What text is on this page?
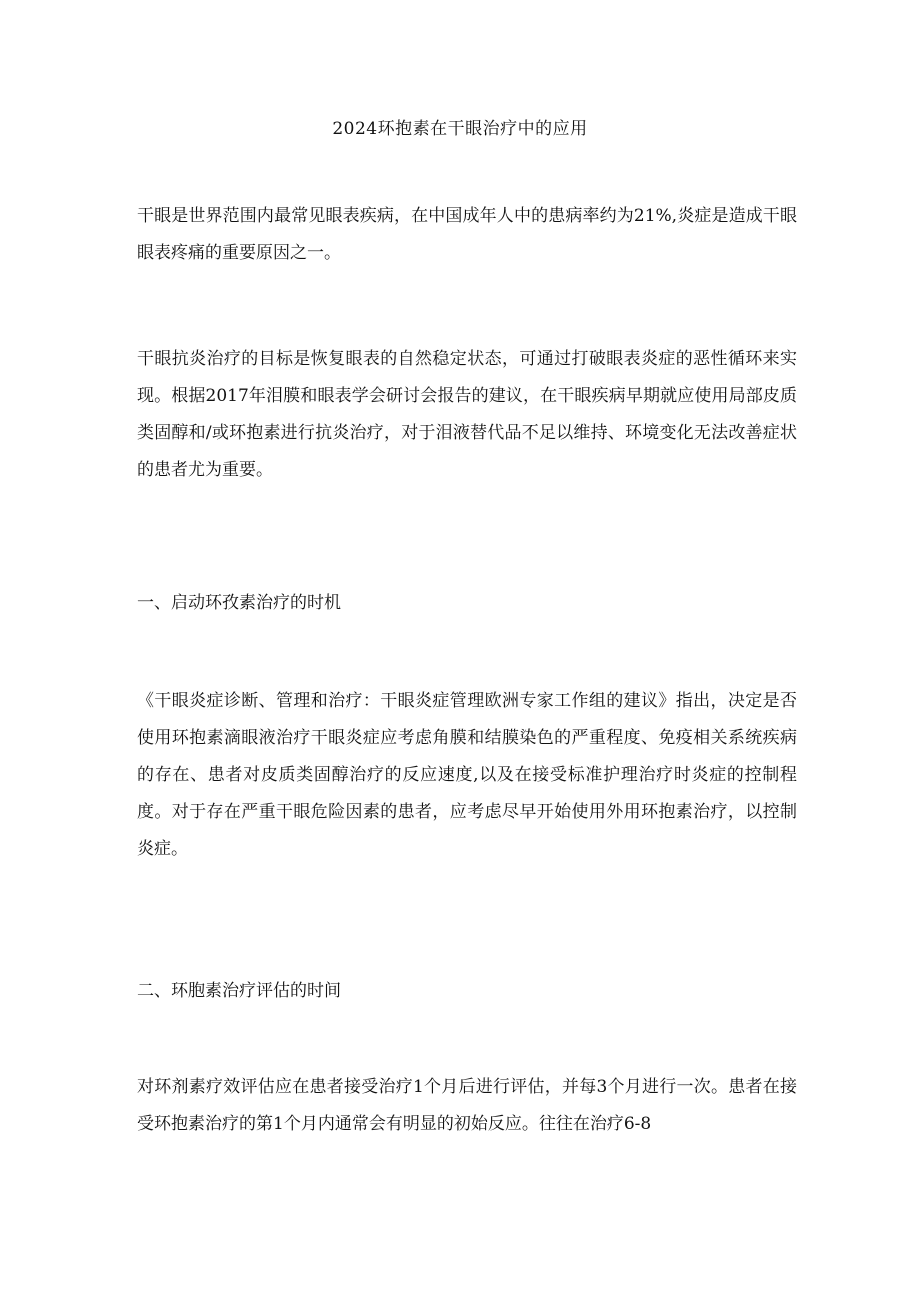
2024环抱素在干眼治疗中的应用

干眼是世界范围内最常见眼表疾病，在中国成年人中的患病率约为21%,炎症是造成干眼眼表疼痛的重要原因之一。

干眼抗炎治疗的目标是恢复眼表的自然稳定状态，可通过打破眼表炎症的恶性循环来实现。根据2017年泪膜和眼表学会研讨会报告的建议，在干眼疾病早期就应使用局部皮质类固醇和/或环抱素进行抗炎治疗，对于泪液替代品不足以维持、环境变化无法改善症状的患者尤为重要。

一、启动环孜素治疗的时机

《干眼炎症诊断、管理和治疗：干眼炎症管理欧洲专家工作组的建议》指出，决定是否使用环抱素滴眼液治疗干眼炎症应考虑角膜和结膜染色的严重程度、免疫相关系统疾病的存在、患者对皮质类固醇治疗的反应速度,以及在接受标准护理治疗时炎症的控制程度。对于存在严重干眼危险因素的患者，应考虑尽早开始使用外用环抱素治疗，以控制炎症。

二、环胞素治疗评估的时间

对环剂素疗效评估应在患者接受治疗1个月后进行评估，并每3个月进行一次。患者在接受环抱素治疗的第1个月内通常会有明显的初始反应。往往在治疗6-8
